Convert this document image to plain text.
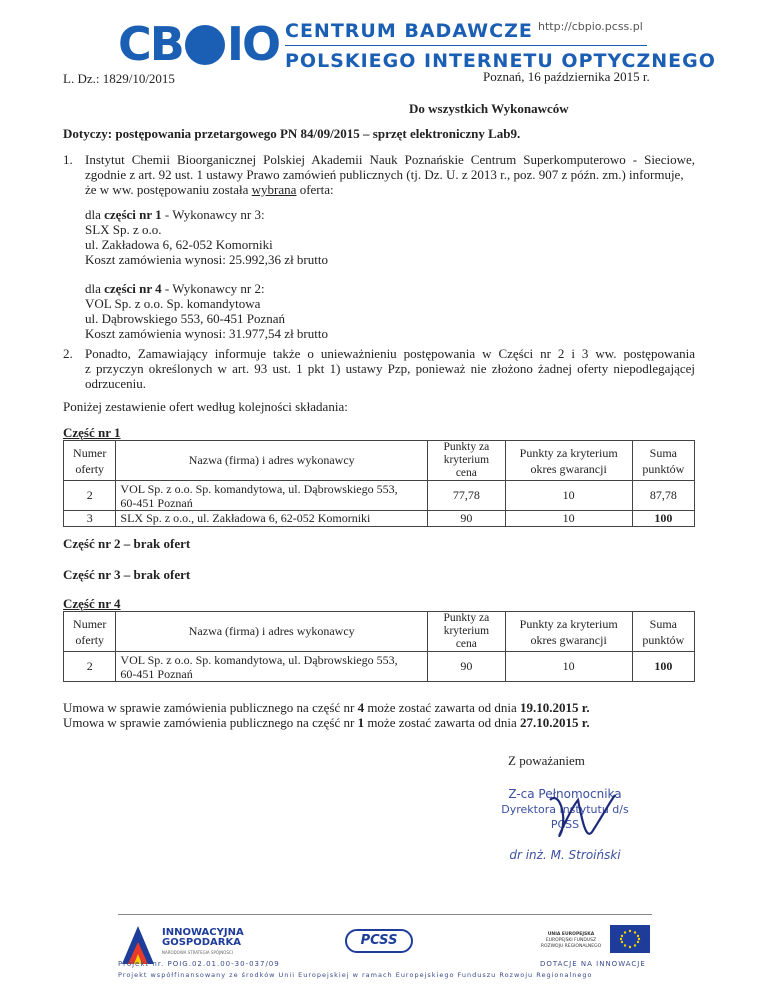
CB IO CENTRUM BADAWCZE http://cbpio.pcss.pl
POLSKIEGO INTERNETU OPTYCZNEGO
L. Dz.: 1829/10/2015	Poznań, 16 października 2015 r.
Do wszystkich Wykonawców
Dotyczy: postępowania przetargowego PN 84/09/2015 – sprzęt elektroniczny Lab9.
1. Instytut Chemii Bioorganicznej Polskiej Akademii Nauk Poznańskie Centrum Superkomputerowo - Sieciowe,

zgodnie z art. 92 ust. 1 ustawy Prawo zamówień publicznych (tj. Dz. U. z 2013 r., poz. 907 z późn. zm.) informuje,

że w ww. postępowaniu została wybrana oferta:

dla części nr 1 - Wykonawcy nr 3:

SLX Sp. z o.o.

ul. Zakładowa 6, 62-052 Komorniki

Koszt zamówienia wynosi: 25.992,36 zł brutto

dla części nr 4 - Wykonawcy nr 2:

VOL Sp. z o.o. Sp. komandytowa

ul. Dąbrowskiego 553, 60-451 Poznań

Koszt zamówienia wynosi: 31.977,54 zł brutto

2. Ponadto, Zamawiający informuje także o unieważnieniu postępowania w Części nr 2 i 3 ww. postępowania

z przyczyn określonych w art. 93 ust. 1 pkt 1) ustawy Pzp, ponieważ nie złożono żadnej oferty niepodlegającej

odrzuceniu.

Poniżej zestawienie ofert według kolejności składania:
Część nr 1
Numer
oferty	Nazwa (firma) i adres wykonawcy	Punkty za
kryterium
cena	Punkty za kryterium
okres gwarancji	Suma
punktów
2	VOL Sp. z o.o. Sp. komandytowa, ul. Dąbrowskiego 553,
60-451 Poznań	77,78	10	87,78
3	SLX Sp. z o.o., ul. Zakładowa 6, 62-052 Komorniki	90	10	100
Część nr 2 – brak ofert
Część nr 3 – brak ofert
Część nr 4
Numer
oferty	Nazwa (firma) i adres wykonawcy	Punkty za
kryterium
cena	Punkty za kryterium
okres gwarancji	Suma
punktów
2	VOL Sp. z o.o. Sp. komandytowa, ul. Dąbrowskiego 553,
60-451 Poznań	90	10	100

Umowa w sprawie zamówienia publicznego na część nr 4 może zostać zawarta od dnia 19.10.2015 r.

Umowa w sprawie zamówienia publicznego na część nr 1 może zostać zawarta od dnia 27.10.2015 r.

Z poważaniem
Z-ca Pełnomocnika
Dyrektora Instytutu d/s PCSS
dr inż. M. Stroiński
INNOWACYJNA
GOSPODARKA
NARODOWA STRATEGIA SPÓJNOŚCI
PCSS	UNIA EUROPEJSKA
EUROPEJSKI FUNDUSZ
ROZWOJU REGIONALNEGO
Projekt nr. POIG.02.01.00-30-037/09	DOTACJE NA INNOWACJE
Projekt współfinansowany ze środków Unii Europejskiej w ramach Europejskiego Funduszu Rozwoju Regionalnego
